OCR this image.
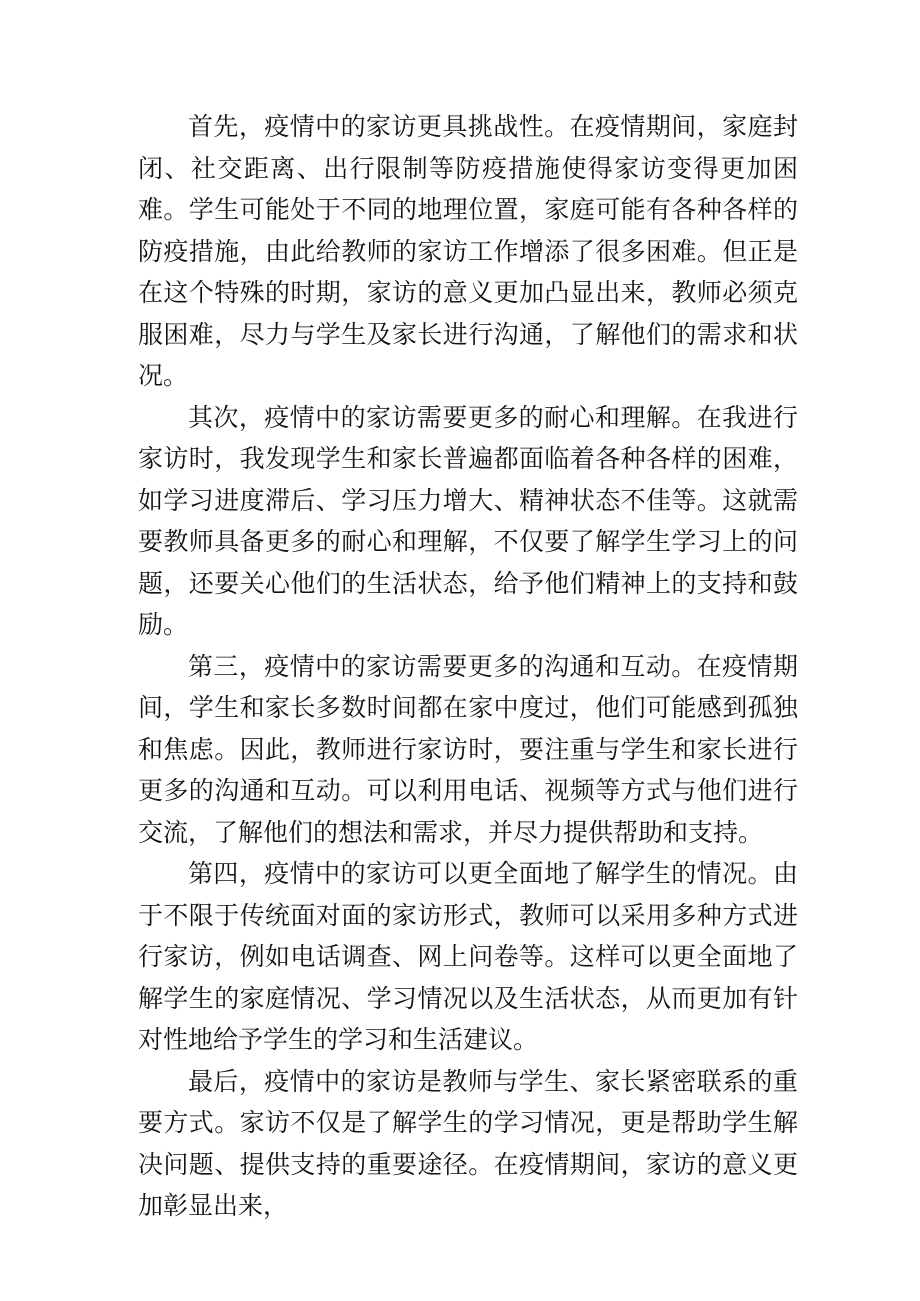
首先，疫情中的家访更具挑战性。在疫情期间，家庭封闭、社交距离、出行限制等防疫措施使得家访变得更加困难。学生可能处于不同的地理位置，家庭可能有各种各样的防疫措施，由此给教师的家访工作增添了很多困难。但正是在这个特殊的时期，家访的意义更加凸显出来，教师必须克服困难，尽力与学生及家长进行沟通，了解他们的需求和状况。

其次，疫情中的家访需要更多的耐心和理解。在我进行家访时，我发现学生和家长普遍都面临着各种各样的困难，如学习进度滞后、学习压力增大、精神状态不佳等。这就需要教师具备更多的耐心和理解，不仅要了解学生学习上的问题，还要关心他们的生活状态，给予他们精神上的支持和鼓励。

第三，疫情中的家访需要更多的沟通和互动。在疫情期间，学生和家长多数时间都在家中度过，他们可能感到孤独和焦虑。因此，教师进行家访时，要注重与学生和家长进行更多的沟通和互动。可以利用电话、视频等方式与他们进行交流，了解他们的想法和需求，并尽力提供帮助和支持。

第四，疫情中的家访可以更全面地了解学生的情况。由于不限于传统面对面的家访形式，教师可以采用多种方式进行家访，例如电话调查、网上问卷等。这样可以更全面地了解学生的家庭情况、学习情况以及生活状态，从而更加有针对性地给予学生的学习和生活建议。

最后，疫情中的家访是教师与学生、家长紧密联系的重要方式。家访不仅是了解学生的学习情况，更是帮助学生解决问题、提供支持的重要途径。在疫情期间，家访的意义更加彰显出来，
